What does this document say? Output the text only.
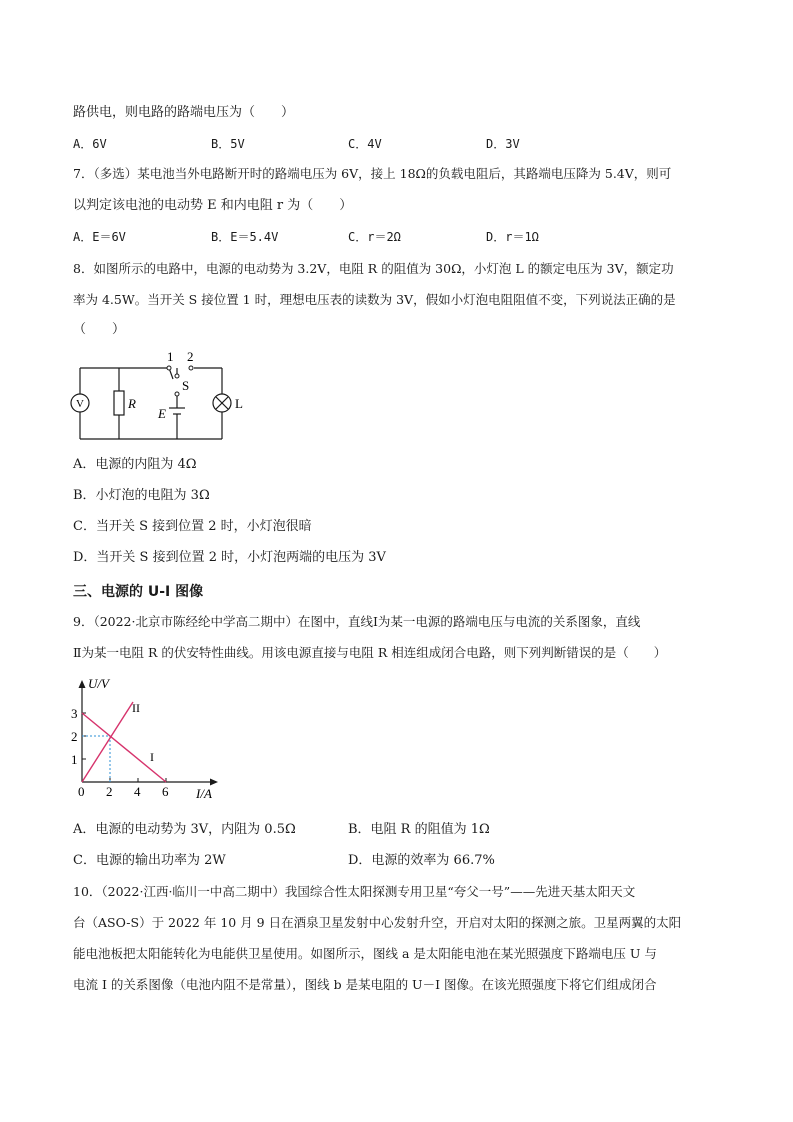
路供电，则电路的路端电压为（　　）
A．6V	B．5V	C．4V	D．3V
7．（多选）某电池当外电路断开时的路端电压为 6V，接上 18Ω的负载电阻后，其路端电压降为 5.4V，则可
以判定该电池的电动势 E 和内电阻 r 为（　　）
A．E＝6V	B．E＝5.4V	C．r＝2Ω	D．r＝1Ω
8．如图所示的电路中，电源的电动势为 3.2V，电阻 R 的阻值为 30Ω，小灯泡 L 的额定电压为 3V，额定功
率为 4.5W。当开关 S 接位置 1 时，理想电压表的读数为 3V，假如小灯泡电阻阻值不变，下列说法正确的是
（　　）
1 2
S
E
R
V	L
A．电源的内阻为 4Ω
B．小灯泡的电阻为 3Ω
C．当开关 S 接到位置 2 时，小灯泡很暗
D．当开关 S 接到位置 2 时，小灯泡两端的电压为 3V
三、电源的 U-I 图像
9．（2022·北京市陈经纶中学高二期中）在图中，直线Ⅰ为某一电源的路端电压与电流的关系图象，直线
Ⅱ为某一电阻 R 的伏安特性曲线。用该电源直接与电阻 R 相连组成闭合电路，则下列判断错误的是（　　）
U/V
I/A
3
2
1
0 2 4 6
II
I
A．电源的电动势为 3V，内阻为 0.5Ω	B．电阻 R 的阻值为 1Ω
C．电源的输出功率为 2W	D．电源的效率为 66.7%
10．（2022·江西·临川一中高二期中）我国综合性太阳探测专用卫星“夸父一号”——先进天基太阳天文
台（ASO-S）于 2022 年 10 月 9 日在酒泉卫星发射中心发射升空，开启对太阳的探测之旅。卫星两翼的太阳
能电池板把太阳能转化为电能供卫星使用。如图所示，图线 a 是太阳能电池在某光照强度下路端电压 U 与
电流 I 的关系图像（电池内阻不是常量），图线 b 是某电阻的 U－I 图像。在该光照强度下将它们组成闭合
